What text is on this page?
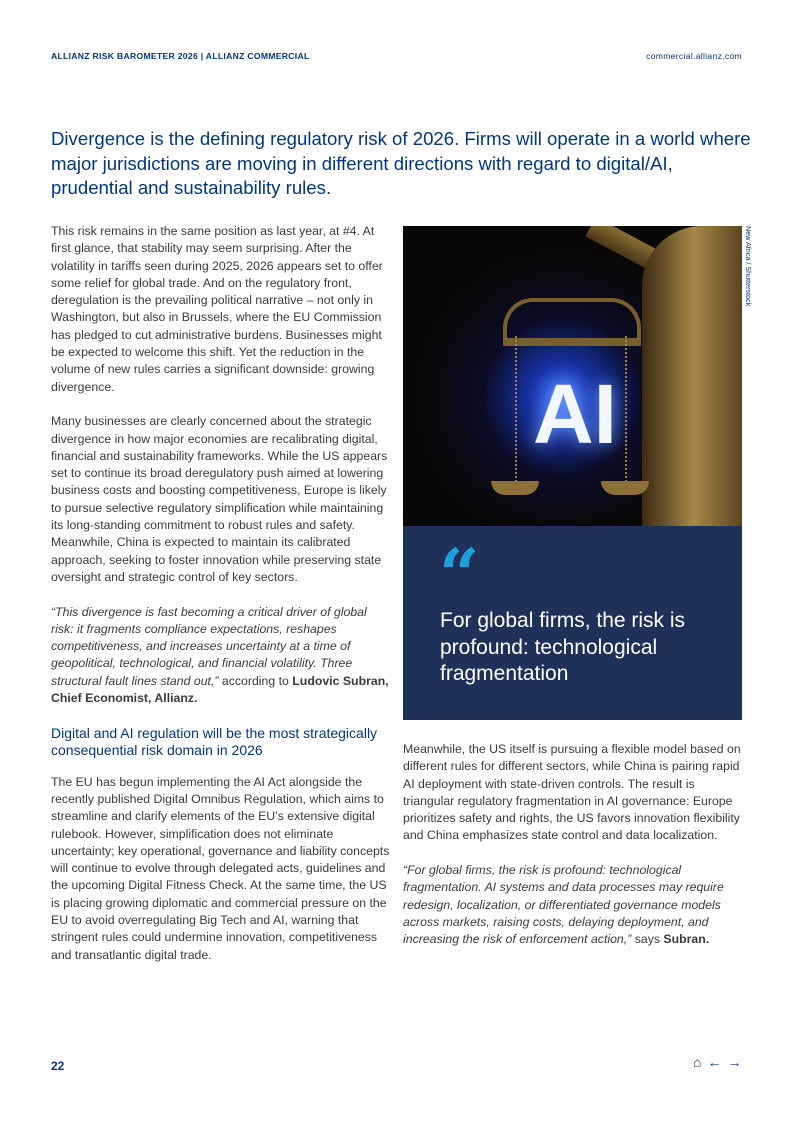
ALLIANZ RISK BAROMETER 2026 | ALLIANZ COMMERCIAL	commercial.allianz.com
Divergence is the defining regulatory risk of 2026. Firms will operate in a world where major jurisdictions are moving in different directions with regard to digital/AI, prudential and sustainability rules.

This risk remains in the same position as last year, at #4. At first glance, that stability may seem surprising. After the volatility in tariffs seen during 2025, 2026 appears set to offer some relief for global trade. And on the regulatory front, deregulation is the prevailing political narrative – not only in Washington, but also in Brussels, where the EU Commission has pledged to cut administrative burdens. Businesses might be expected to welcome this shift. Yet the reduction in the volume of new rules carries a significant downside: growing divergence.

Many businesses are clearly concerned about the strategic divergence in how major economies are recalibrating digital, financial and sustainability frameworks. While the US appears set to continue its broad deregulatory push aimed at lowering business costs and boosting competitiveness, Europe is likely to pursue selective regulatory simplification while maintaining its long-standing commitment to robust rules and safety. Meanwhile, China is expected to maintain its calibrated approach, seeking to foster innovation while preserving state oversight and strategic control of key sectors.

“This divergence is fast becoming a critical driver of global risk: it fragments compliance expectations, reshapes competitiveness, and increases uncertainty at a time of geopolitical, technological, and financial volatility. Three structural fault lines stand out,” according to Ludovic Subran, Chief Economist, Allianz.

Digital and AI regulation will be the most strategically consequential risk domain in 2026

The EU has begun implementing the AI Act alongside the recently published Digital Omnibus Regulation, which aims to streamline and clarify elements of the EU’s extensive digital rulebook. However, simplification does not eliminate uncertainty; key operational, governance and liability concepts will continue to evolve through delegated acts, guidelines and the upcoming Digital Fitness Check. At the same time, the US is placing growing diplomatic and commercial pressure on the EU to avoid overregulating Big Tech and AI, warning that stringent rules could undermine innovation, competitiveness and transatlantic digital trade.

AI
New Africa / Shutterstock
“
For global firms, the risk is profound: technological fragmentation

Meanwhile, the US itself is pursuing a flexible model based on different rules for different sectors, while China is pairing rapid AI deployment with state-driven controls. The result is triangular regulatory fragmentation in AI governance: Europe prioritizes safety and rights, the US favors innovation flexibility and China emphasizes state control and data localization.

“For global firms, the risk is profound: technological fragmentation. AI systems and data processes may require redesign, localization, or differentiated governance models across markets, raising costs, delaying deployment, and increasing the risk of enforcement action,” says Subran.

22	⌂ ← →
